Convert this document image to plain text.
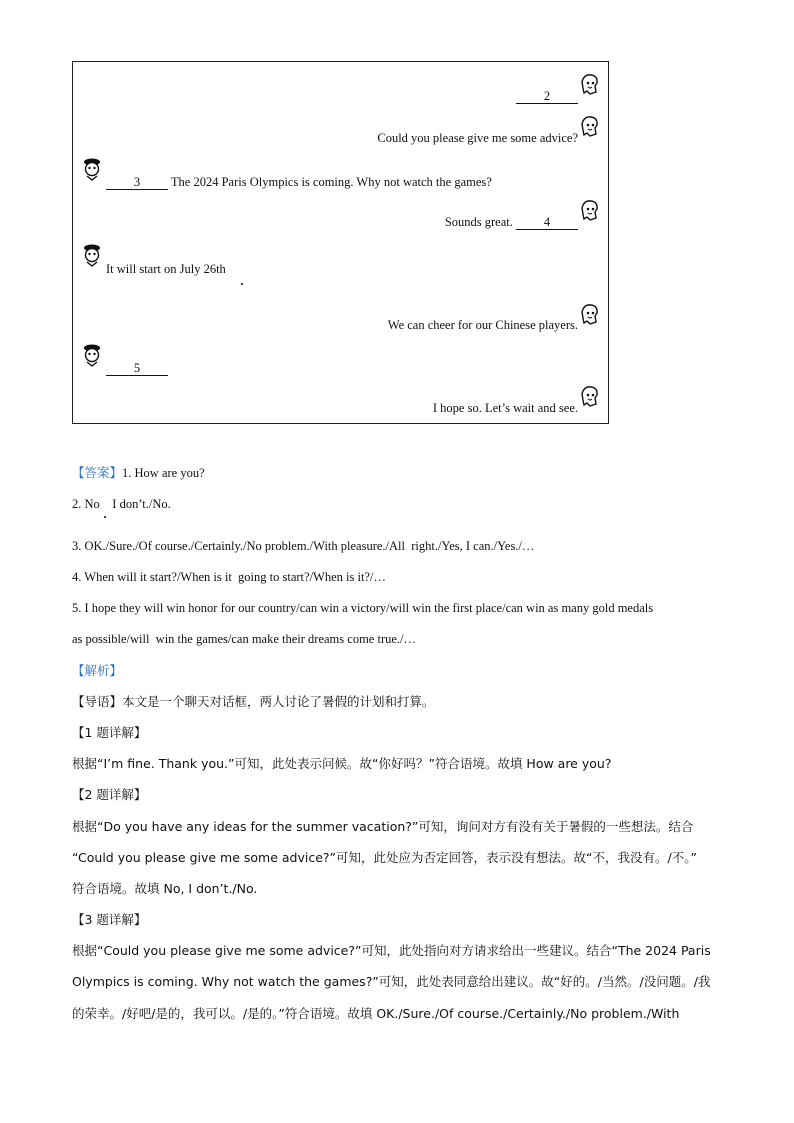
2
Could you please give me some advice?
3 The 2024 Paris Olympics is coming. Why not watch the games?
Sounds great. 4
It will start on July 26th
We can cheer for our Chinese players.
5
I hope so. Let’s wait and see.
【答案】1. How are you?
2. No    I don’t./No.
3. OK./Sure./Of course./Certainly./No problem./With pleasure./All  right./Yes, I can./Yes./…
4. When will it start?/When is it  going to start?/When is it?/…
5. I hope they will win honor for our country/can win a victory/will win the first place/can win as many gold medals
as possible/will  win the games/can make their dreams come true./…
【解析】
【导语】本文是一个聊天对话框，两人讨论了暑假的计划和打算。
【1 题详解】
根据“I’m fine. Thank you.”可知，此处表示问候。故“你好吗？”符合语境。故填 How are you?
【2 题详解】
根据“Do you have any ideas for the summer vacation?”可知，询问对方有没有关于暑假的一些想法。结合
“Could you please give me some advice?”可知，此处应为否定回答，表示没有想法。故“不，我没有。/不。”
符合语境。故填 No, I don’t./No.
【3 题详解】
根据“Could you please give me some advice?”可知，此处指向对方请求给出一些建议。结合“The 2024 Paris
Olympics is coming. Why not watch the games?”可知，此处表同意给出建议。故“好的。/当然。/没问题。/我
的荣幸。/好吧/是的，我可以。/是的。”符合语境。故填 OK./Sure./Of course./Certainly./No problem./With
